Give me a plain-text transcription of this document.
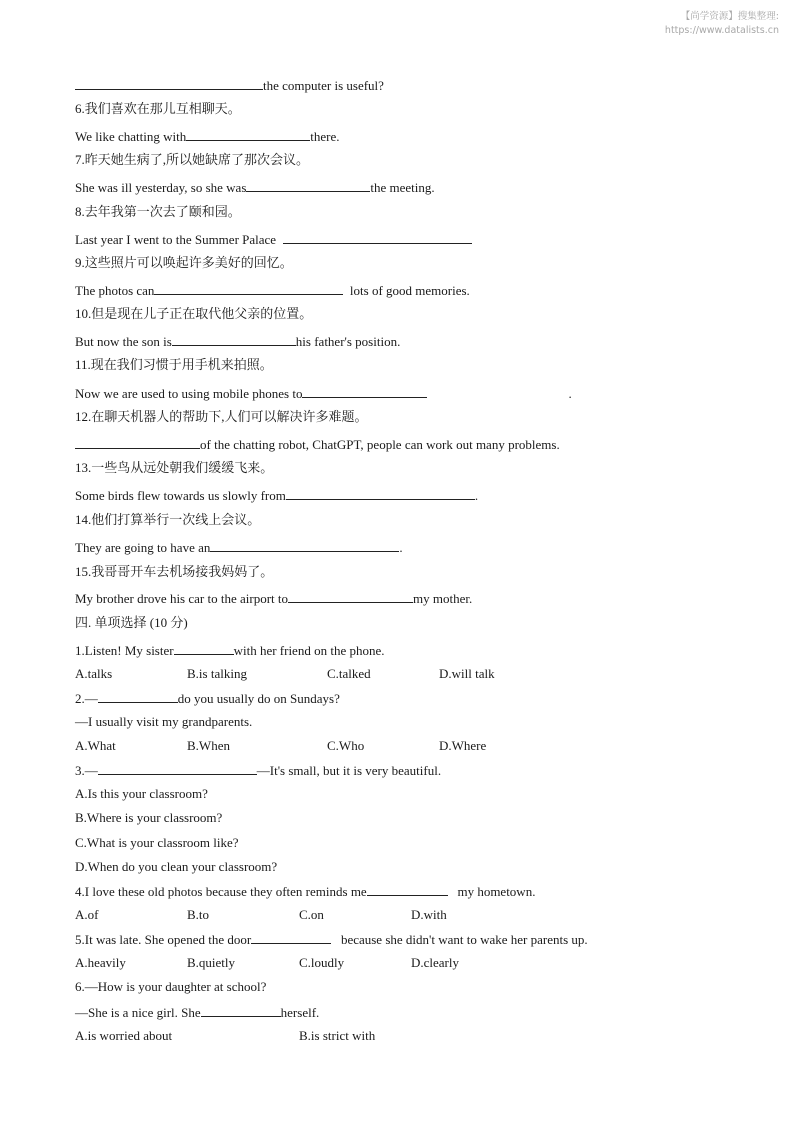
【尚学资源】搜集整理:
https://www.datalists.cn
the computer is useful?
6.我们喜欢在那儿互相聊天。
We like chatting with	there.
7.昨天她生病了,所以她缺席了那次会议。
She was ill yesterday, so she was	the meeting.
8.去年我第一次去了颐和园。
Last year I went to the Summer Palace
9.这些照片可以唤起许多美好的回忆。
The photos can	lots of good memories.
10.但是现在儿子正在取代他父亲的位置。
But now the son is	his father's position.
11.现在我们习惯于用手机来拍照。
Now we are used to using mobile phones to	.
12.在聊天机器人的帮助下,人们可以解决许多难题。
of the chatting robot, ChatGPT, people can work out many problems.
13.一些鸟从远处朝我们缓缓飞来。
Some birds flew towards us slowly from	.
14.他们打算举行一次线上会议。
They are going to have an	.
15.我哥哥开车去机场接我妈妈了。
My brother drove his car to the airport to	my mother.
四. 单项选择 (10 分)
1.Listen! My sister	with her friend on the phone.
A.talks	B.is talking	C.talked	D.will talk
2.—	do you usually do on Sundays?
—I usually visit my grandparents.
A.What	B.When	C.Who	D.Where
3.—	—It's small, but it is very beautiful.
A.Is this your classroom?
B.Where is your classroom?
C.What is your classroom like?
D.When do you clean your classroom?
4.I love these old photos because they often reminds me	my hometown.
A.of	B.to	C.on	D.with
5.It was late. She opened the door	because she didn't want to wake her parents up.
A.heavily	B.quietly	C.loudly	D.clearly
6.—How is your daughter at school?
—She is a nice girl. She	herself.
A.is worried about	B.is strict with
